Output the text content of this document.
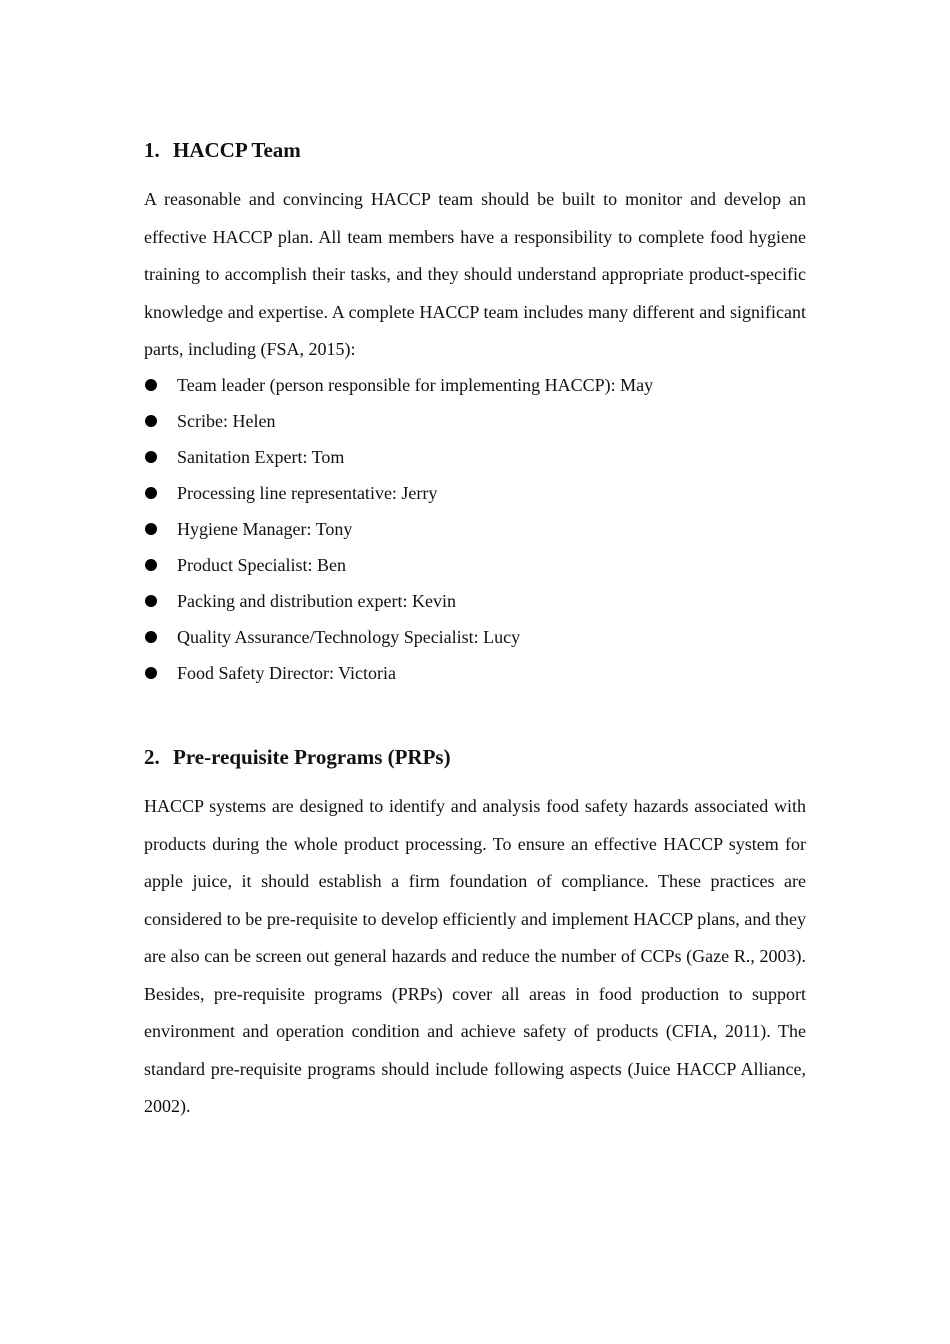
1. HACCP Team

A reasonable and convincing HACCP team should be built to monitor and develop an effective HACCP plan. All team members have a responsibility to complete food hygiene training to accomplish their tasks, and they should understand appropriate product-specific knowledge and expertise. A complete HACCP team includes many different and significant parts, including (FSA, 2015):

Team leader (person responsible for implementing HACCP): May
Scribe: Helen
Sanitation Expert: Tom
Processing line representative: Jerry
Hygiene Manager: Tony
Product Specialist: Ben
Packing and distribution expert: Kevin
Quality Assurance/Technology Specialist: Lucy
Food Safety Director: Victoria
2. Pre-requisite Programs (PRPs)

HACCP systems are designed to identify and analysis food safety hazards associated with products during the whole product processing. To ensure an effective HACCP system for apple juice, it should establish a firm foundation of compliance. These practices are considered to be pre-requisite to develop efficiently and implement HACCP plans, and they are also can be screen out general hazards and reduce the number of CCPs (Gaze R., 2003). Besides, pre-requisite programs (PRPs) cover all areas in food production to support environment and operation condition and achieve safety of products (CFIA, 2011). The standard pre-requisite programs should include following aspects (Juice HACCP Alliance, 2002).
